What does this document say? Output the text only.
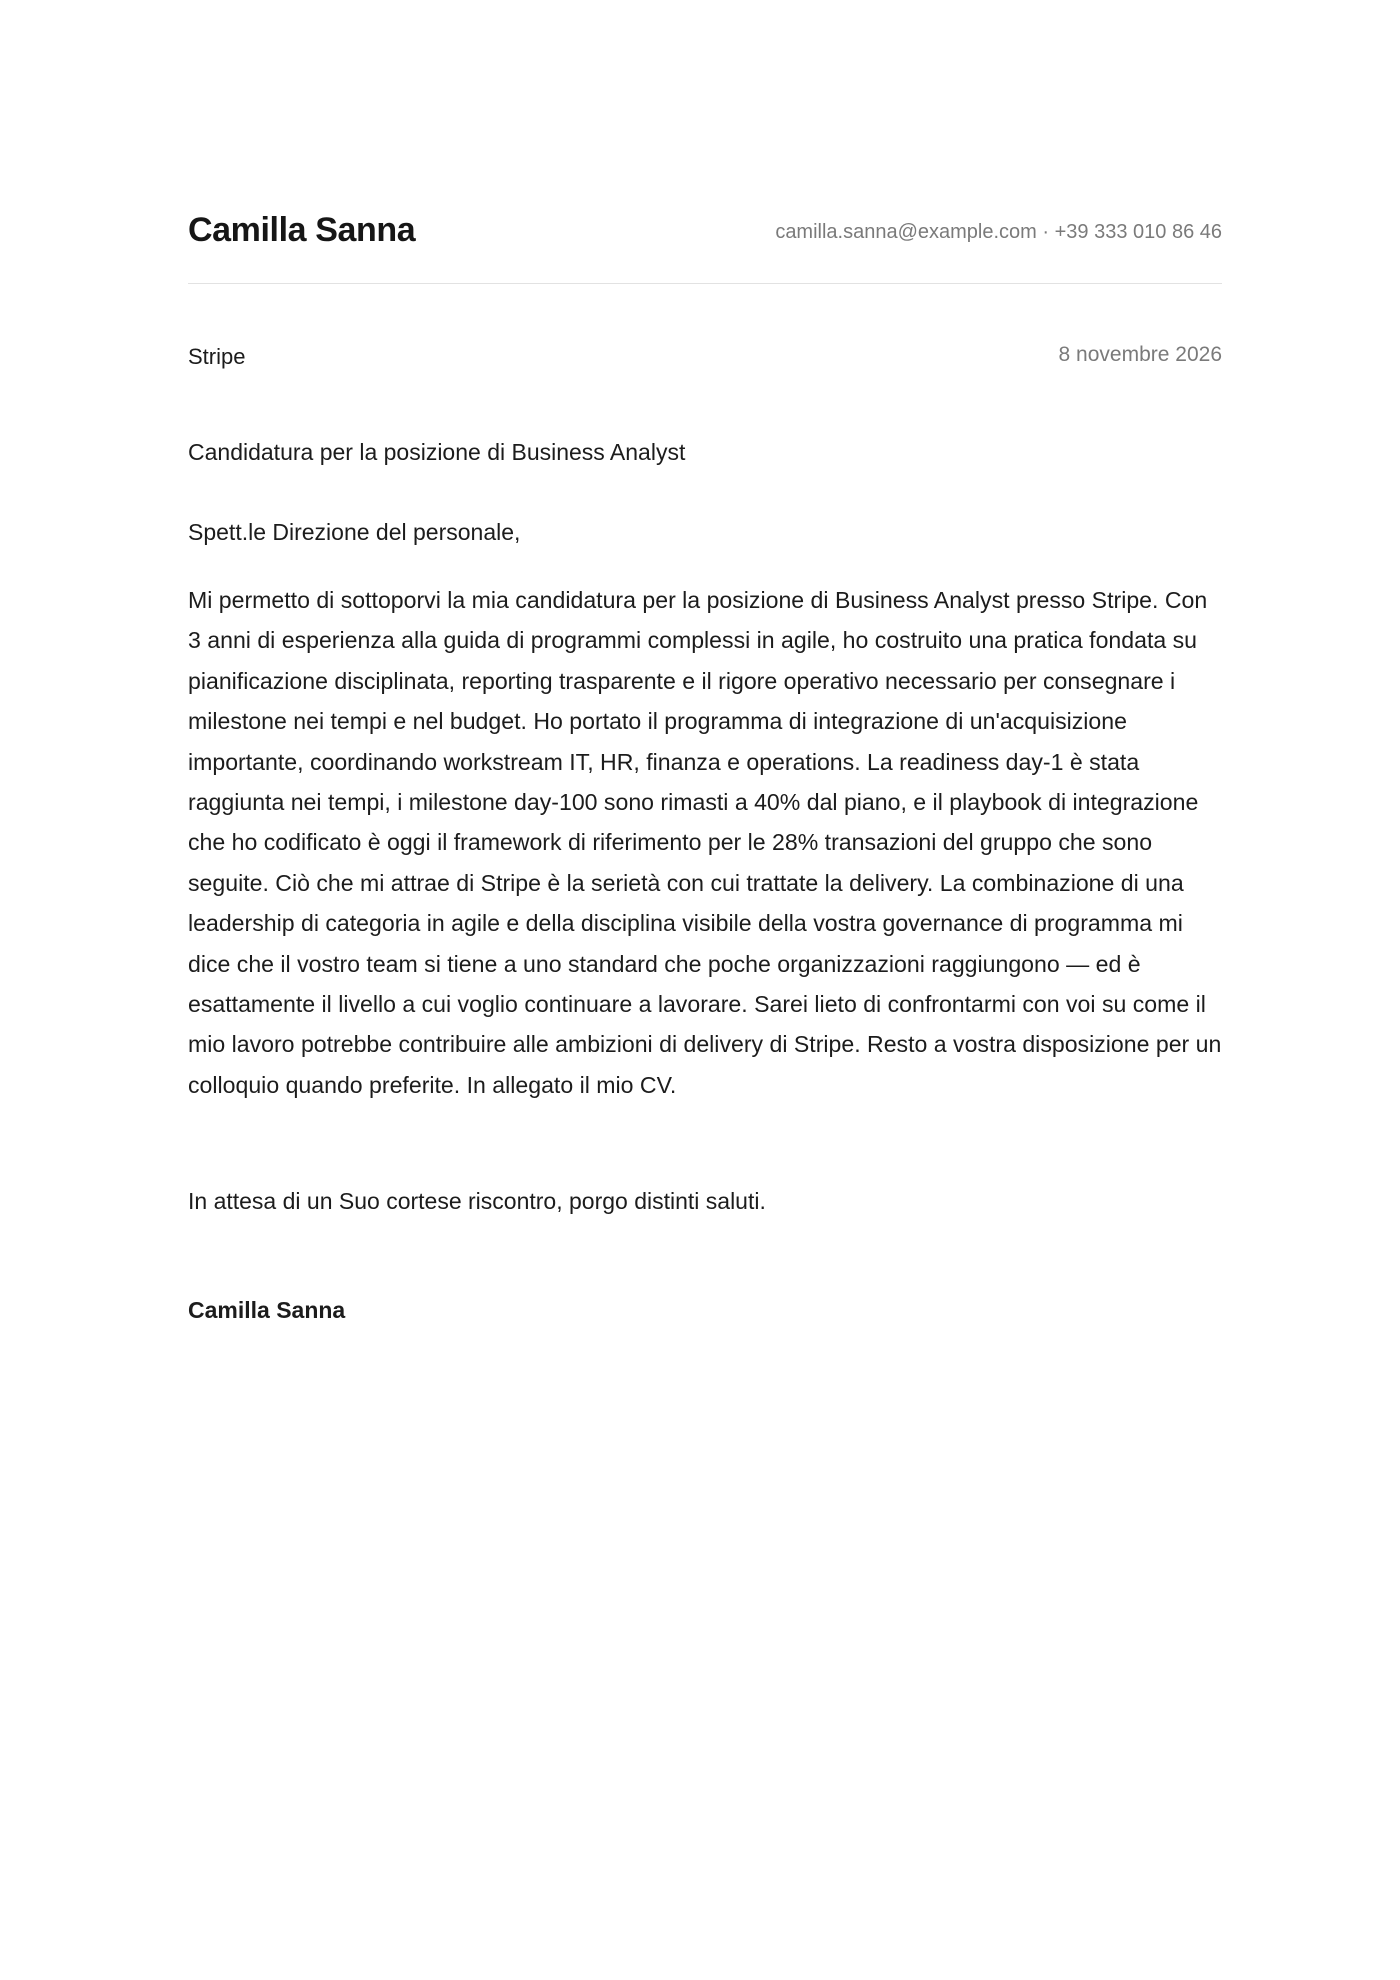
Camilla Sanna	camilla.sanna@example.com · +39 333 010 86 46
Stripe	8 novembre 2026
Candidatura per la posizione di Business Analyst
Spett.le Direzione del personale,

Mi permetto di sottoporvi la mia candidatura per la posizione di Business Analyst presso Stripe. Con 3 anni di esperienza alla guida di programmi complessi in agile, ho costruito una pratica fondata su pianificazione disciplinata, reporting trasparente e il rigore operativo necessario per consegnare i milestone nei tempi e nel budget. Ho portato il programma di integrazione di un'acquisizione importante, coordinando workstream IT, HR, finanza e operations. La readiness day-1 è stata raggiunta nei tempi, i milestone day-100 sono rimasti a 40% dal piano, e il playbook di integrazione che ho codificato è oggi il framework di riferimento per le 28% transazioni del gruppo che sono seguite. Ciò che mi attrae di Stripe è la serietà con cui trattate la delivery. La combinazione di una leadership di categoria in agile e della disciplina visibile della vostra governance di programma mi dice che il vostro team si tiene a uno standard che poche organizzazioni raggiungono — ed è esattamente il livello a cui voglio continuare a lavorare. Sarei lieto di confrontarmi con voi su come il mio lavoro potrebbe contribuire alle ambizioni di delivery di Stripe. Resto a vostra disposizione per un colloquio quando preferite. In allegato il mio CV.

In attesa di un Suo cortese riscontro, porgo distinti saluti.
Camilla Sanna
